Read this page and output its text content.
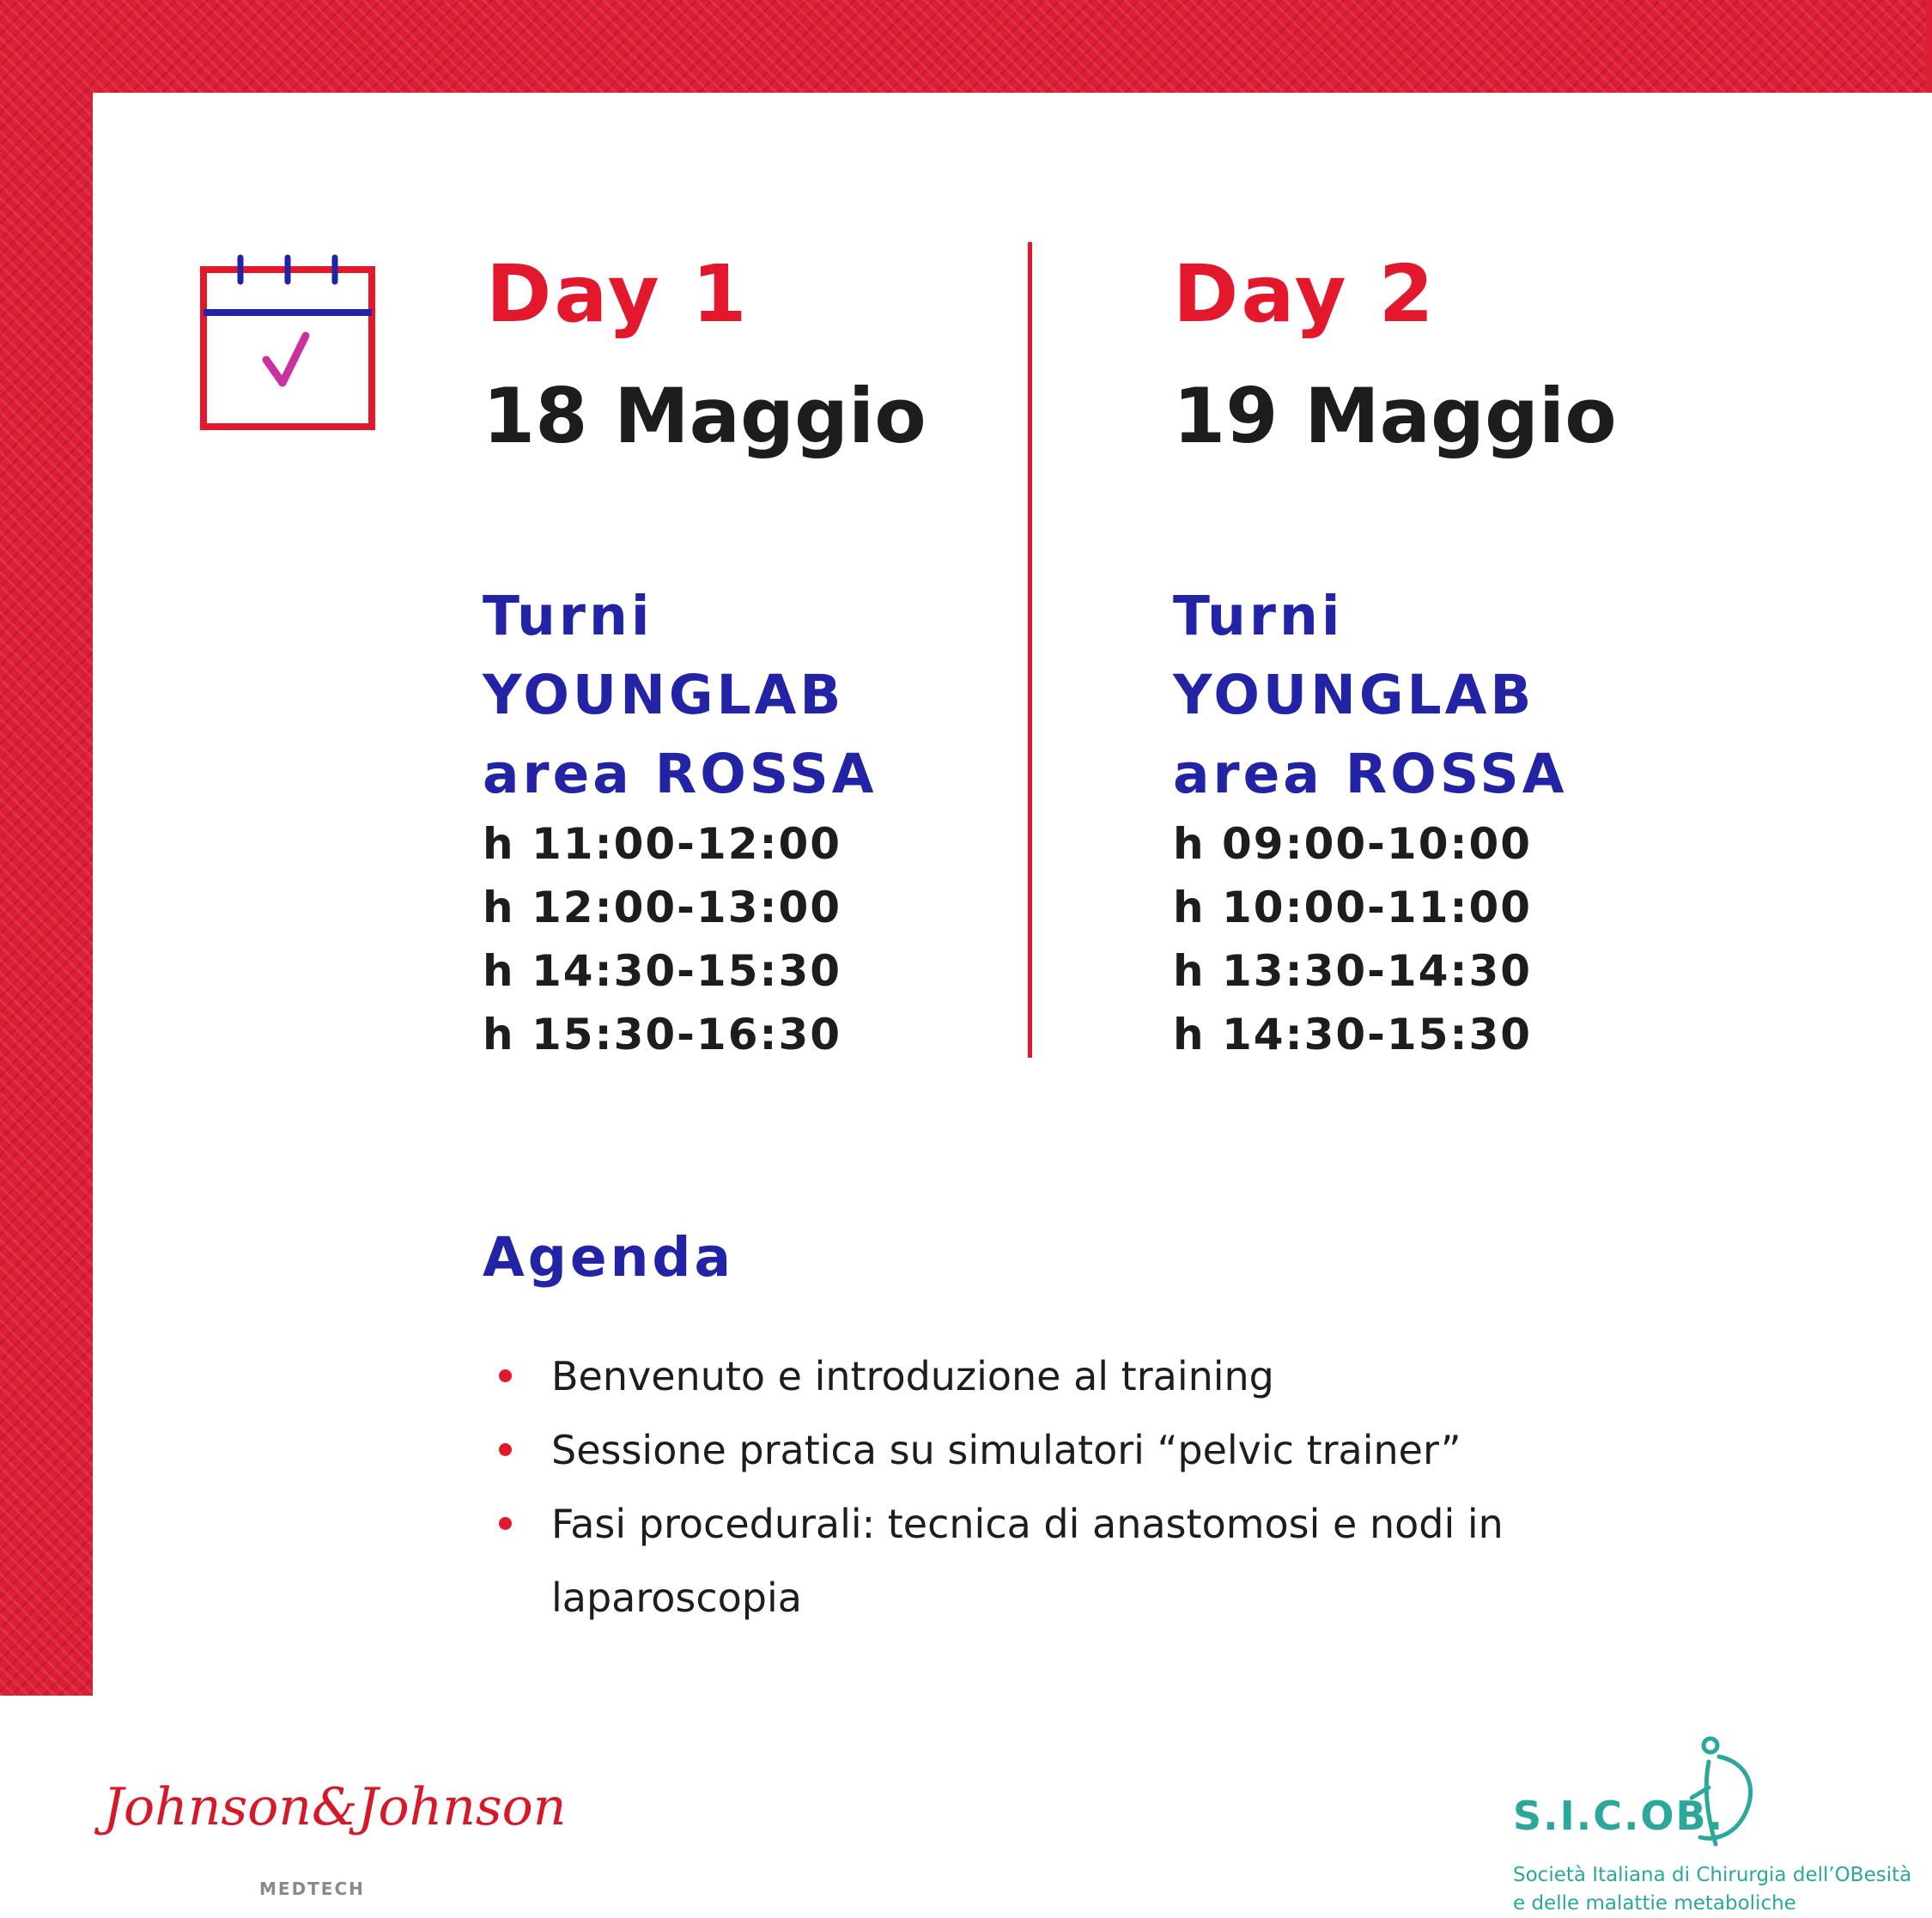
Day 1
18 Maggio
Turni
YOUNGLAB
area ROSSA
h 11:00-12:00
h 12:00-13:00
h 14:30-15:30
h 15:30-16:30
Day 2
19 Maggio
Turni
YOUNGLAB
area ROSSA
h 09:00-10:00
h 10:00-11:00
h 13:30-14:30
h 14:30-15:30
Agenda
Benvenuto e introduzione al training
Sessione pratica su simulatori “pelvic trainer”
Fasi procedurali: tecnica di anastomosi e nodi in laparoscopia
Johnson&Johnson
MEDTECH
S.I.C.OB.
Società Italiana di Chirurgia dell’OBesità
e delle malattie metaboliche
